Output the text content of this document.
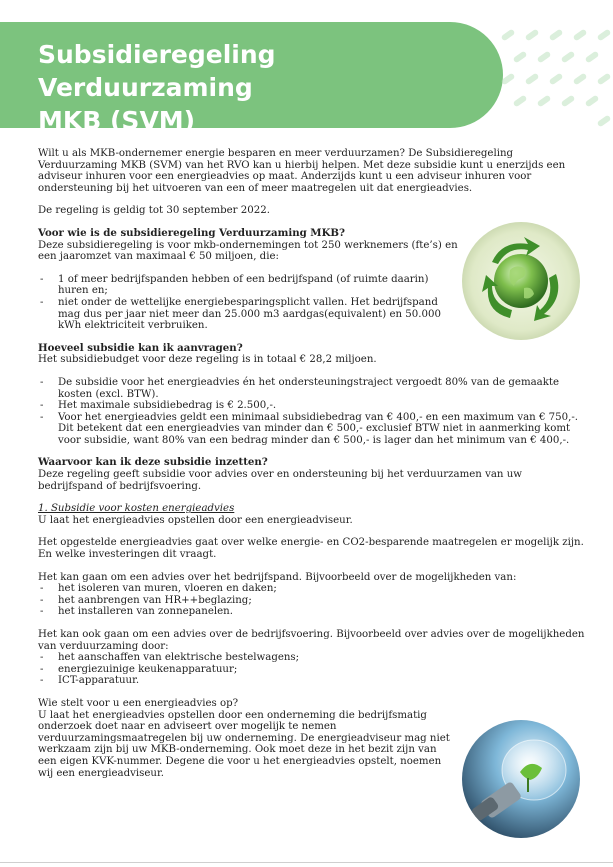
Subsidieregeling Verduurzaming
MKB (SVM)

Wilt u als MKB-ondernemer energie besparen en meer verduurzamen? De Subsidieregeling Verduurzaming MKB (SVM) van het RVO kan u hierbij helpen. Met deze subsidie kunt u enerzijds een adviseur inhuren voor een energieadvies op maat. Anderzijds kunt u een adviseur inhuren voor ondersteuning bij het uitvoeren van een of meer maatregelen uit dat energieadvies.

De regeling is geldig tot 30 september 2022.

Voor wie is de subsidieregeling Verduurzaming MKB?

Deze subsidieregeling is voor mkb-ondernemingen tot 250 werknemers (fte’s) en een jaaromzet van maximaal € 50 miljoen, die:

- 1 of meer bedrijfspanden hebben of een bedrijfspand (of ruimte daarin) huren en;
- niet onder de wettelijke energiebesparingsplicht vallen. Het bedrijfspand mag dus per jaar niet meer dan 25.000 m3 aardgas(equivalent) en 50.000 kWh elektriciteit verbruiken.

Hoeveel subsidie kan ik aanvragen?

Het subsidiebudget voor deze regeling is in totaal € 28,2 miljoen.

- De subsidie voor het energieadvies én het ondersteuningstraject vergoedt 80% van de gemaakte kosten (excl. BTW).
- Het maximale subsidiebedrag is € 2.500,-.
- Voor het energieadvies geldt een minimaal subsidiebedrag van € 400,- en een maximum van € 750,-. Dit betekent dat een energieadvies van minder dan € 500,- exclusief BTW niet in aanmerking komt voor subsidie, want 80% van een bedrag minder dan € 500,- is lager dan het minimum van € 400,-.

Waarvoor kan ik deze subsidie inzetten?

Deze regeling geeft subsidie voor advies over en ondersteuning bij het verduurzamen van uw bedrijfspand of bedrijfsvoering.

1. Subsidie voor kosten energieadvies

U laat het energieadvies opstellen door een energieadviseur.

Het opgestelde energieadvies gaat over welke energie- en CO2-besparende maatregelen er mogelijk zijn. En welke investeringen dit vraagt.

Het kan gaan om een advies over het bedrijfspand. Bijvoorbeeld over de mogelijkheden van:

- het isoleren van muren, vloeren en daken;
- het aanbrengen van HR++beglazing;
- het installeren van zonnepanelen.

Het kan ook gaan om een advies over de bedrijfsvoering. Bijvoorbeeld over advies over de mogelijkheden van verduurzaming door:

- het aanschaffen van elektrische bestelwagens;
- energiezuinige keukenapparatuur;
- ICT-apparatuur.

Wie stelt voor u een energieadvies op?

U laat het energieadvies opstellen door een onderneming die bedrijfsmatig onderzoek doet naar en adviseert over mogelijk te nemen verduurzamingsmaatregelen bij uw onderneming. De energieadviseur mag niet werkzaam zijn bij uw MKB-onderneming. Ook moet deze in het bezit zijn van een eigen KVK-nummer. Degene die voor u het energieadvies opstelt, noemen wij een energieadviseur.
